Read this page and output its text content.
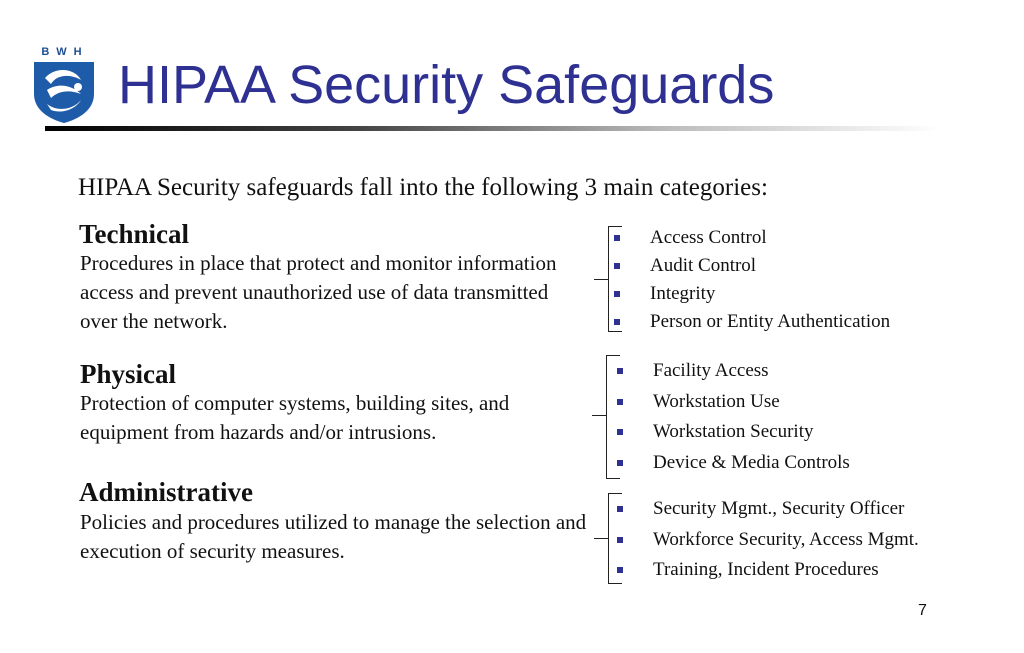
BWH
HIPAA Security Safeguards
HIPAA Security safeguards fall into the following 3 main categories:
Technical
Procedures in place that protect and monitor information access and prevent unauthorized use of data transmitted over the network.
Access Control
Audit Control
Integrity
Person or Entity Authentication
Physical
Protection of computer systems, building sites, and equipment from hazards and/or intrusions.
Facility Access
Workstation Use
Workstation Security
Device & Media Controls
Administrative
Policies and procedures utilized to manage the selection and execution of security measures.
Security Mgmt., Security Officer
Workforce Security, Access Mgmt.
Training, Incident Procedures
7
